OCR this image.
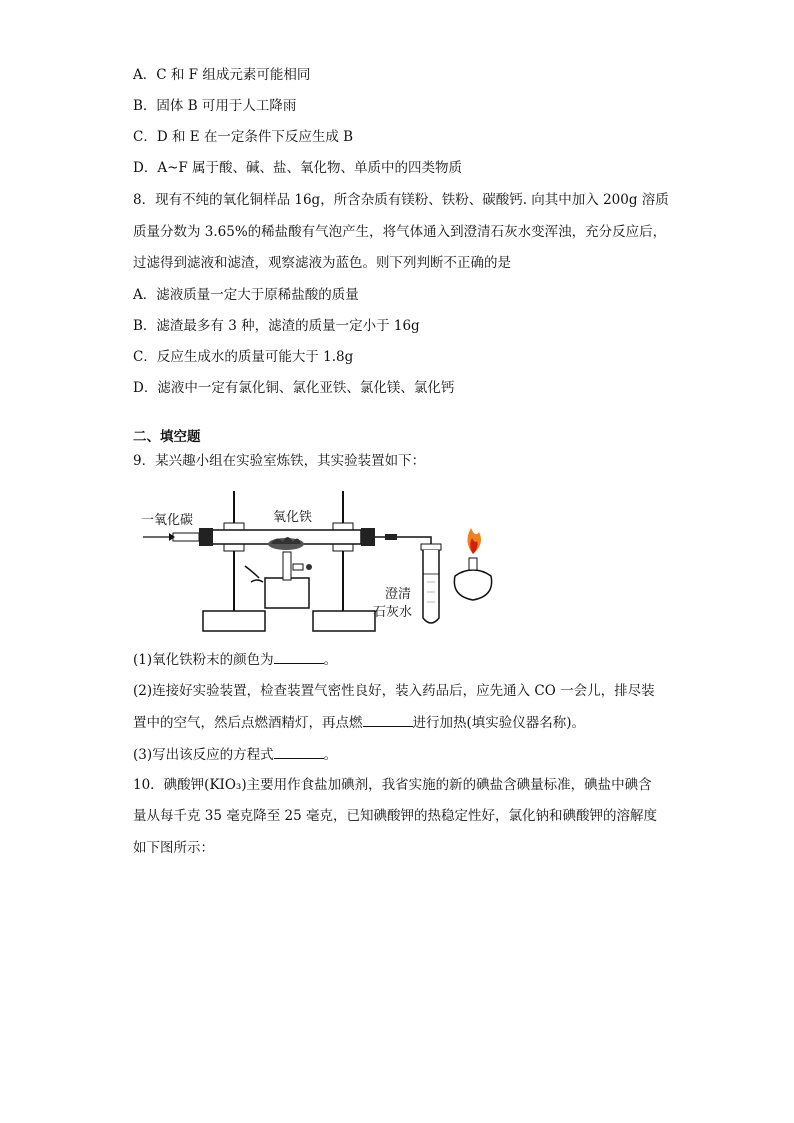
A．C 和 F 组成元素可能相同
B．固体 B 可用于人工降雨
C．D 和 E 在一定条件下反应生成 B
D．A~F 属于酸、碱、盐、氧化物、单质中的四类物质
8．现有不纯的氧化铜样品 16g，所含杂质有镁粉、铁粉、碳酸钙. 向其中加入 200g 溶质
质量分数为 3.65%的稀盐酸有气泡产生，将气体通入到澄清石灰水变浑浊，充分反应后，
过滤得到滤液和滤渣，观察滤液为蓝色。则下列判断不正确的是
A．滤液质量一定大于原稀盐酸的质量
B．滤渣最多有 3 种，滤渣的质量一定小于 16g
C．反应生成水的质量可能大于 1.8g
D．滤液中一定有氯化铜、氯化亚铁、氯化镁、氯化钙
二、填空题
9．某兴趣小组在实验室炼铁，其实验装置如下：
一氧化碳	氧化铁
澄清
石灰水
(1)氧化铁粉末的颜色为	。
(2)连接好实验装置，检查装置气密性良好，装入药品后，应先通入 CO 一会儿，排尽装
置中的空气，然后点燃酒精灯，再点燃	进行加热(填实验仪器名称)。
(3)写出该反应的方程式	。
10．碘酸钾(KIO₃)主要用作食盐加碘剂，我省实施的新的碘盐含碘量标准，碘盐中碘含
量从每千克 35 毫克降至 25 毫克，已知碘酸钾的热稳定性好，氯化钠和碘酸钾的溶解度
如下图所示：
